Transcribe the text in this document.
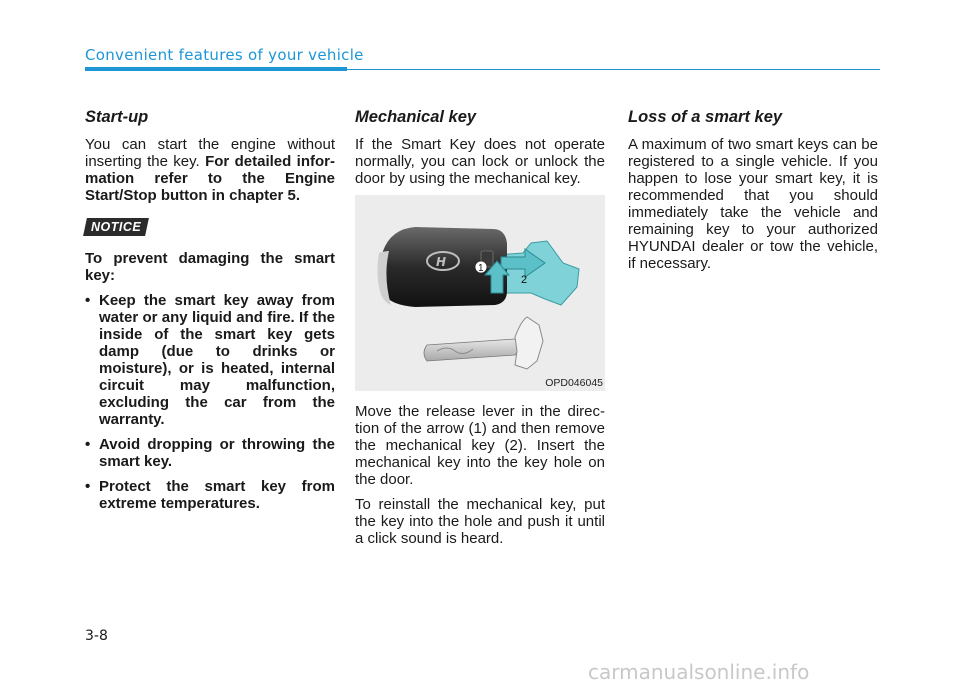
Convenient features of your vehicle
Start-up

You can start the engine without inserting the key. For detailed infor-mation refer to the Engine Start/Stop button in chapter 5.

NOTICE

To prevent damaging the smart key:

• Keep the smart key away from water or any liquid and fire. If the inside of the smart key gets damp (due to drinks or moisture), or is heated, internal circuit may malfunction, excluding the car from the warranty.
• Avoid dropping or throwing the smart key.
• Protect the smart key from extreme temperatures.
Mechanical key

If the Smart Key does not operate normally, you can lock or unlock the door by using the mechanical key.

H	1
2
OPD046045

Move the release lever in the direc-tion of the arrow (1) and then remove the mechanical key (2). Insert the mechanical key into the key hole on the door.

To reinstall the mechanical key, put the key into the hole and push it until a click sound is heard.

Loss of a smart key

A maximum of two smart keys can be registered to a single vehicle. If you happen to lose your smart key, it is recommended that you should immediately take the vehicle and remaining key to your authorized HYUNDAI dealer or tow the vehicle, if necessary.

3-8
carmanualsonline.info
